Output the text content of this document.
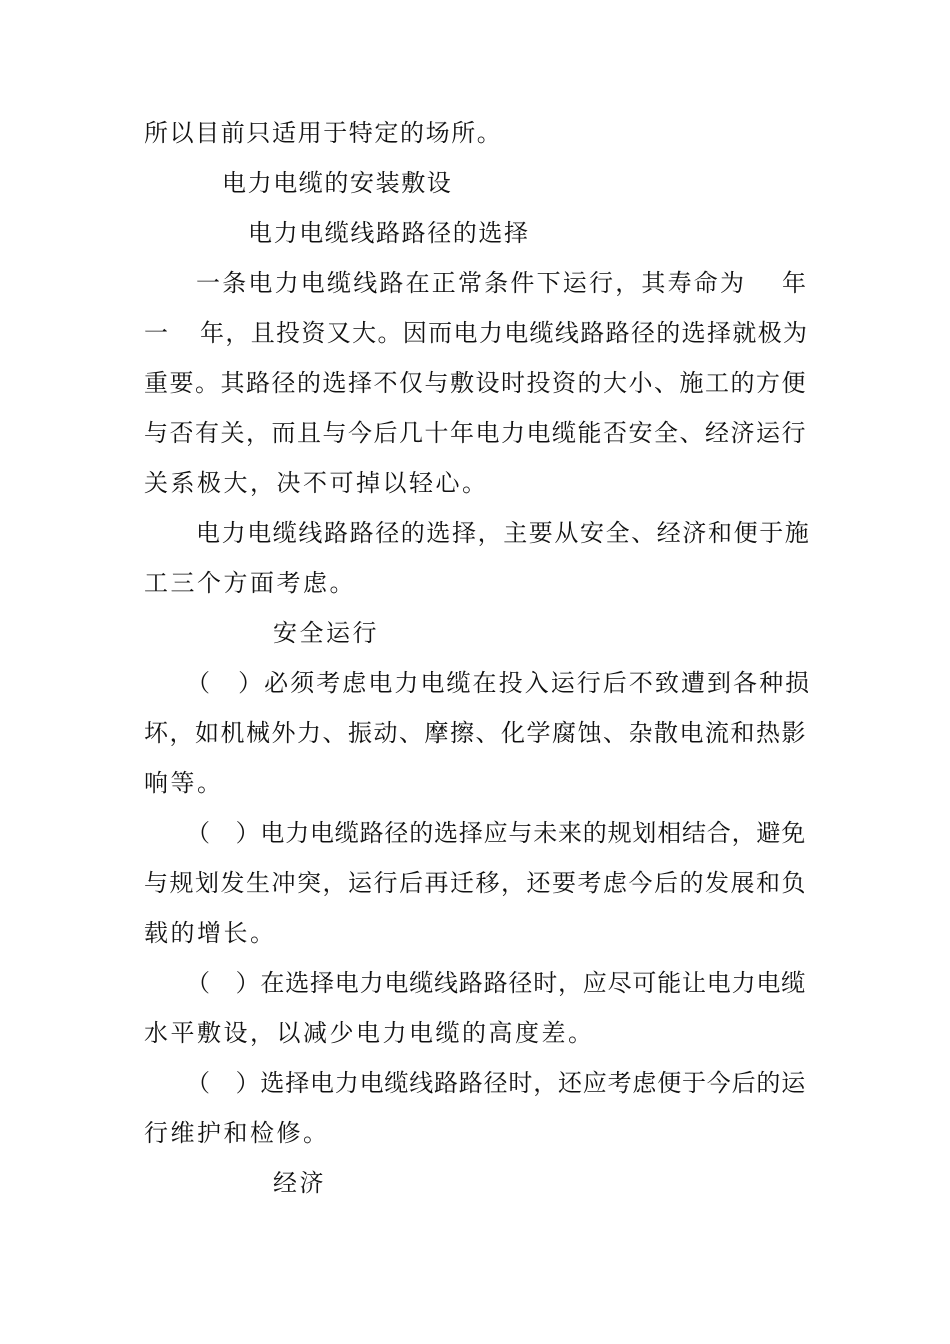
所以目前只适用于特定的场所。
电力电缆的安装敷设
电力电缆线路路径的选择
一条电力电缆线路在正常条件下运行，其寿命为 年
一 年，且投资又大。因而电力电缆线路路径的选择就极为
重要。其路径的选择不仅与敷设时投资的大小、施工的方便
与否有关，而且与今后几十年电力电缆能否安全、经济运行
关系极大，决不可掉以轻心。
电力电缆线路路径的选择，主要从安全、经济和便于施
工三个方面考虑。
安全运行
（　）必须考虑电力电缆在投入运行后不致遭到各种损
坏，如机械外力、振动、摩擦、化学腐蚀、杂散电流和热影
响等。
（　）电力电缆路径的选择应与未来的规划相结合，避免
与规划发生冲突，运行后再迁移，还要考虑今后的发展和负
载的增长。
（　）在选择电力电缆线路路径时，应尽可能让电力电缆
水平敷设，以减少电力电缆的高度差。
（　）选择电力电缆线路路径时，还应考虑便于今后的运
行维护和检修。
经济
